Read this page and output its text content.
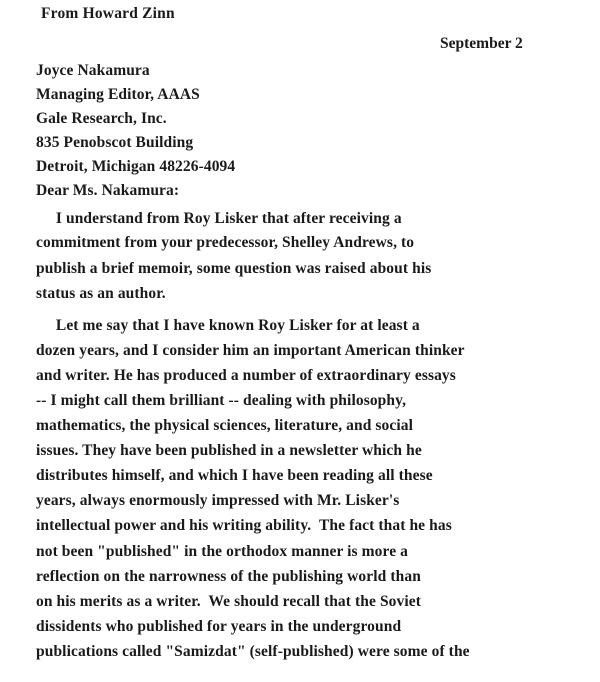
From Howard Zinn
September 2
Joyce Nakamura
Managing Editor, AAAS
Gale Research, Inc.
835 Penobscot Building
Detroit, Michigan 48226-4094
Dear Ms. Nakamura:
I understand from Roy Lisker that after receiving a
commitment from your predecessor, Shelley Andrews, to
publish a brief memoir, some question was raised about his
status as an author.
Let me say that I have known Roy Lisker for at least a
dozen years, and I consider him an important American thinker
and writer. He has produced a number of extraordinary essays
-- I might call them brilliant -- dealing with philosophy,
mathematics, the physical sciences, literature, and social
issues. They have been published in a newsletter which he
distributes himself, and which I have been reading all these
years, always enormously impressed with Mr. Lisker's
intellectual power and his writing ability.  The fact that he has
not been "published" in the orthodox manner is more a
reflection on the narrowness of the publishing world than
on his merits as a writer.  We should recall that the Soviet
dissidents who published for years in the underground
publications called "Samizdat" (self-published) were some of the
